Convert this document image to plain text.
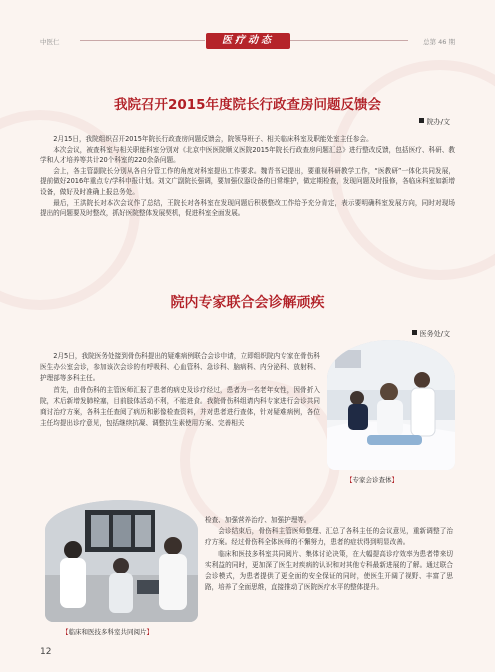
中医仁	医疗动态	总第 46 期
我院召开2015年度院长行政查房问题反馈会
院办/文

2月15日，我院组织召开2015年院长行政查房问题反馈会，院领导班子、相关临床科室及职能处室主任参会。

本次会议，被查科室与相关职能科室分别对《北京中医医院顺义医院2015年院长行政查房问题汇总》进行整改反馈，包括医疗、科研、教学和人才培养等共计20个科室的220余条问题。

会上，各主管副院长分别从各自分管工作的角度对科室提出工作要求。魏青书记提出，要重视科研教学工作，“医教研”一体化共同发展，提前做好2016年重点专/学科申报计划。刘文广副院长强调，要加强仪器设备的日常维护，做定期检查，发现问题及时报修，各临床科室如新增设备，做好及时准确上报总务处。

最后，王洪院长对本次会议作了总结，王院长对各科室在发现问题后积极整改工作给予充分肯定，表示要明确科室发展方向，同时对现场提出的问题要及时整改，抓好医院整体发展契机，促进科室全面发展。

院内专家联合会诊解顽疾
医务处/文

2月5日，我院医务处接到骨伤科提出的疑难病例联合会诊申请，立即组织院内专家在骨伤科医生办公室会诊，参加该次会诊的有呼吸科、心血管科、急诊科、脑病科、内分泌科、放射科、护理部等多科主任。

首先，由骨伤科的主管医师汇报了患者的病史及诊疗经过，患者为一名老年女性，因骨折入院，术后新增发肺栓塞，目前肢体活动不利，不能进食。我院骨伤科组请内科专家进行会诊共同商讨治疗方案，各科主任查阅了病历和影像检查资料，并对患者进行查体，针对疑难病例，各位主任均提出诊疗意见，包括继续抗凝、调整抗生素使用方案、完善相关

【专家会诊查体】
【临床和医技多科室共同阅片】

检查、加强营养治疗、加强护理等。

会诊结束后，骨伤科主管医师整理、汇总了各科主任的会议意见，重新调整了治疗方案。经过骨伤科全体医师的不懈努力，患者的症状得到明显改善。

临床和医技多科室共同阅片、集体讨论决策，在大幅提高诊疗效率为患者带来切实利益的同时，更加深了医生对疾病的认识和对其他专科最新进展的了解。通过联合会诊模式，为患者提供了更全面的安全保证的同时，使医生开阔了视野、丰富了思路，培养了全面思维，直接推动了医院医疗水平的整体提升。

12
